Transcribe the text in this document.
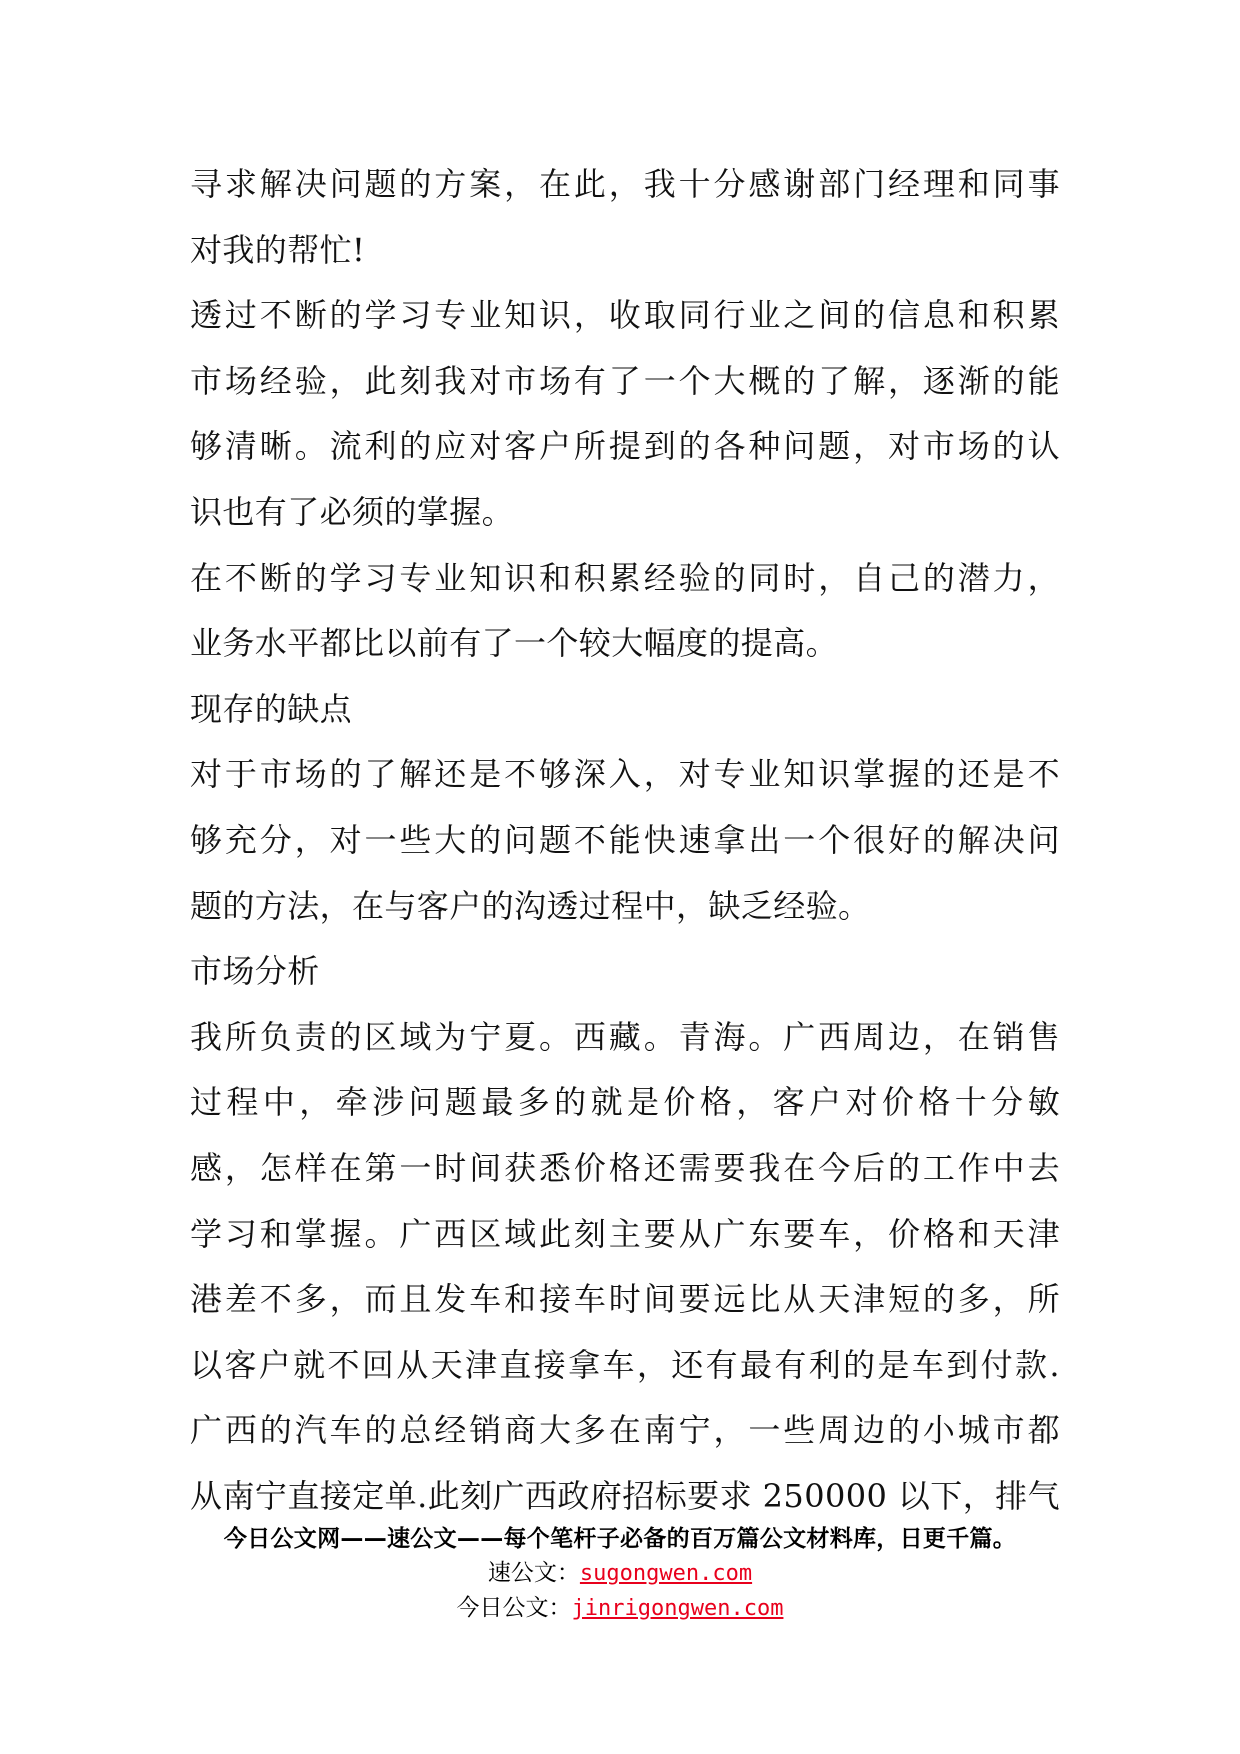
寻求解决问题的方案，在此，我十分感谢部门经理和同事
对我的帮忙!
透过不断的学习专业知识，收取同行业之间的信息和积累
市场经验，此刻我对市场有了一个大概的了解，逐渐的能
够清晰。流利的应对客户所提到的各种问题，对市场的认
识也有了必须的掌握。
在不断的学习专业知识和积累经验的同时，自己的潜力，
业务水平都比以前有了一个较大幅度的提高。
现存的缺点
对于市场的了解还是不够深入，对专业知识掌握的还是不
够充分，对一些大的问题不能快速拿出一个很好的解决问
题的方法，在与客户的沟透过程中，缺乏经验。
市场分析
我所负责的区域为宁夏。西藏。青海。广西周边，在销售
过程中，牵涉问题最多的就是价格，客户对价格十分敏
感，怎样在第一时间获悉价格还需要我在今后的工作中去
学习和掌握。广西区域此刻主要从广东要车，价格和天津
港差不多，而且发车和接车时间要远比从天津短的多，所
以客户就不回从天津直接拿车，还有最有利的是车到付款.
广西的汽车的总经销商大多在南宁，一些周边的小城市都
从南宁直接定单.此刻广西政府招标要求 250000 以下，排气
今日公文网——速公文——每个笔杆子必备的百万篇公文材料库，日更千篇。
速公文：sugongwen.com
今日公文：jinrigongwen.com
